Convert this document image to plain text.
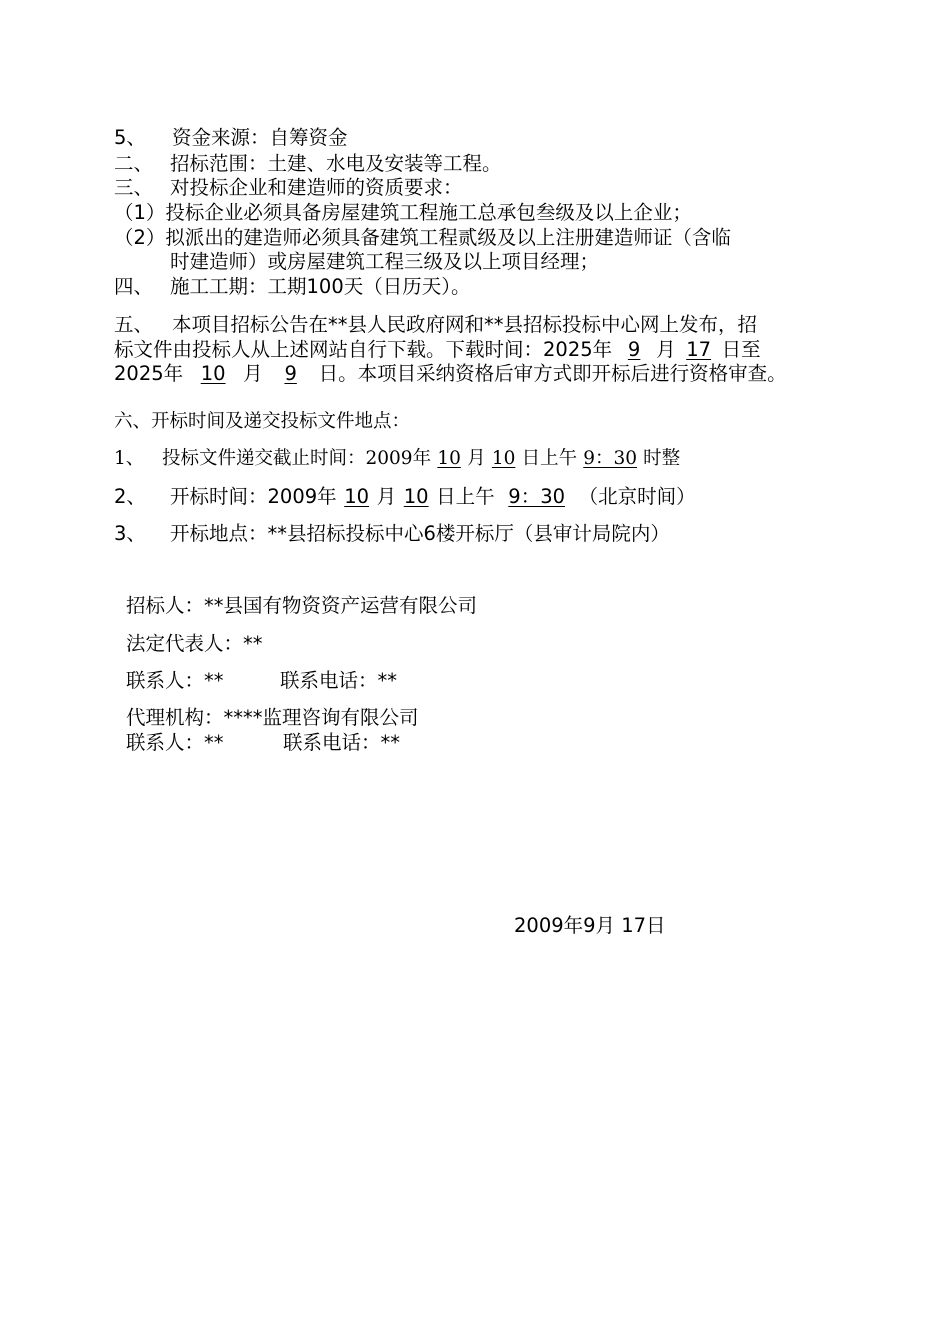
5、 资金来源：自筹资金
二、 招标范围：土建、水电及安装等工程。
三、 对投标企业和建造师的资质要求：
（1）投标企业必须具备房屋建筑工程施工总承包叁级及以上企业；
（2）拟派出的建造师必须具备建筑工程贰级及以上注册建造师证（含临
时建造师）或房屋建筑工程三级及以上项目经理；
四、 施工工期：工期100天（日历天）。
五、 本项目招标公告在**县人民政府网和**县招标投标中心网上发布，招
标文件由投标人从上述网站自行下载。下载时间：2025年 9 月 17 日至
2025年 10 月 9 日。本项目采纳资格后审方式即开标后进行资格审查。
六、开标时间及递交投标文件地点：
1、 投标文件递交截止时间：2009年 10 月 10 日上午 9：30 时整
2、 开标时间：2009年 10 月 10 日上午 9：30 （北京时间）
3、 开标地点：**县招标投标中心6楼开标厅（县审计局院内）
招标人：**县国有物资资产运营有限公司
法定代表人：**
联系人：**	联系电话：**
代理机构：****监理咨询有限公司
联系人：**	联系电话：**
2009年9月 17日
